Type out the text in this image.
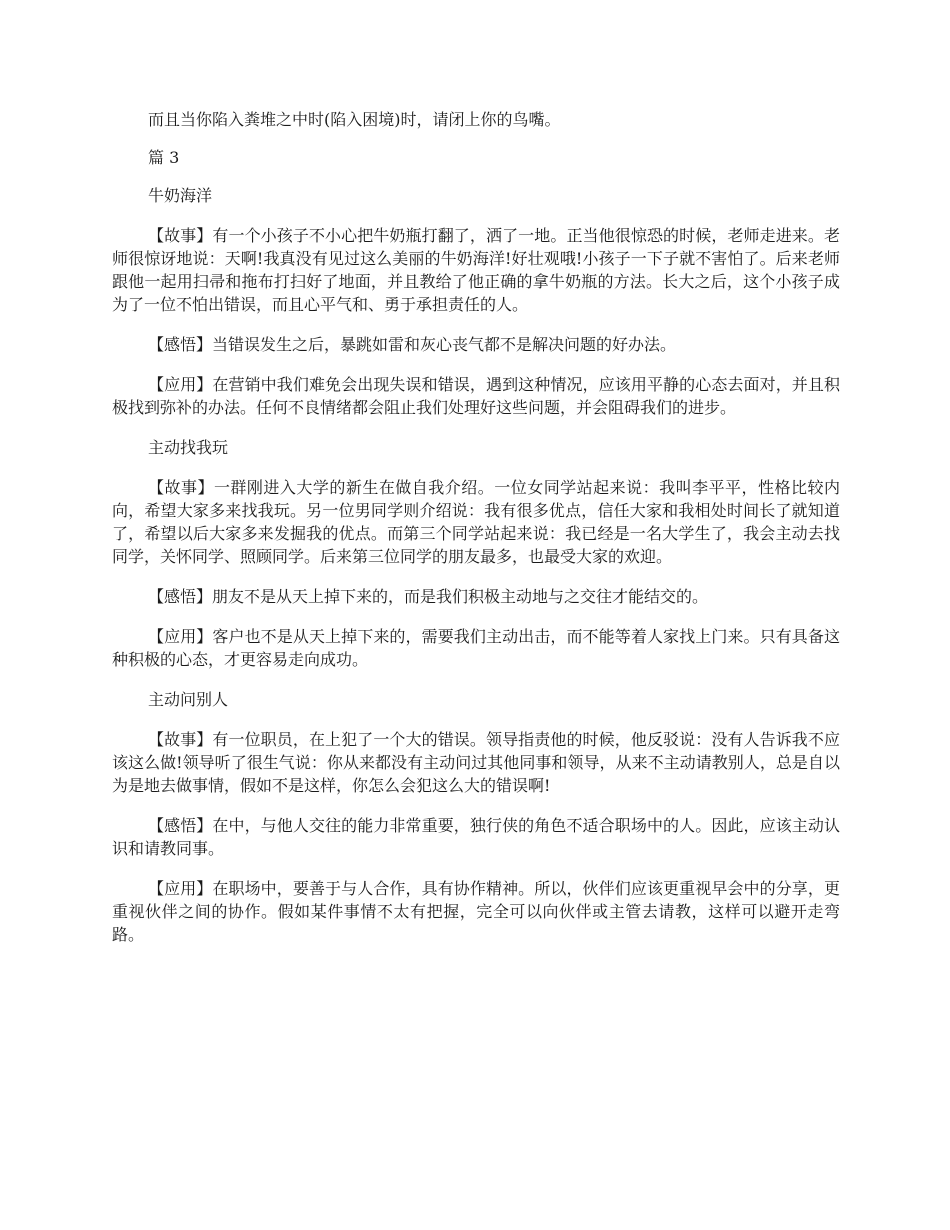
而且当你陷入粪堆之中时(陷入困境)时，请闭上你的鸟嘴。

篇 3

牛奶海洋

【故事】有一个小孩子不小心把牛奶瓶打翻了，洒了一地。正当他很惊恐的时候，老师走进来。老师很惊讶地说：天啊!我真没有见过这么美丽的牛奶海洋!好壮观哦!小孩子一下子就不害怕了。后来老师跟他一起用扫帚和拖布打扫好了地面，并且教给了他正确的拿牛奶瓶的方法。长大之后，这个小孩子成为了一位不怕出错误，而且心平气和、勇于承担责任的人。

【感悟】当错误发生之后，暴跳如雷和灰心丧气都不是解决问题的好办法。

【应用】在营销中我们难免会出现失误和错误，遇到这种情况，应该用平静的心态去面对，并且积极找到弥补的办法。任何不良情绪都会阻止我们处理好这些问题，并会阻碍我们的进步。

主动找我玩

【故事】一群刚进入大学的新生在做自我介绍。一位女同学站起来说：我叫李平平，性格比较内向，希望大家多来找我玩。另一位男同学则介绍说：我有很多优点，信任大家和我相处时间长了就知道了，希望以后大家多来发掘我的优点。而第三个同学站起来说：我已经是一名大学生了，我会主动去找同学，关怀同学、照顾同学。后来第三位同学的朋友最多，也最受大家的欢迎。

【感悟】朋友不是从天上掉下来的，而是我们积极主动地与之交往才能结交的。

【应用】客户也不是从天上掉下来的，需要我们主动出击，而不能等着人家找上门来。只有具备这种积极的心态，才更容易走向成功。

主动问别人

【故事】有一位职员，在上犯了一个大的错误。领导指责他的时候，他反驳说：没有人告诉我不应该这么做!领导听了很生气说：你从来都没有主动问过其他同事和领导，从来不主动请教别人，总是自以为是地去做事情，假如不是这样，你怎么会犯这么大的错误啊!

【感悟】在中，与他人交往的能力非常重要，独行侠的角色不适合职场中的人。因此，应该主动认识和请教同事。

【应用】在职场中，要善于与人合作，具有协作精神。所以，伙伴们应该更重视早会中的分享，更重视伙伴之间的协作。假如某件事情不太有把握，完全可以向伙伴或主管去请教，这样可以避开走弯路。
